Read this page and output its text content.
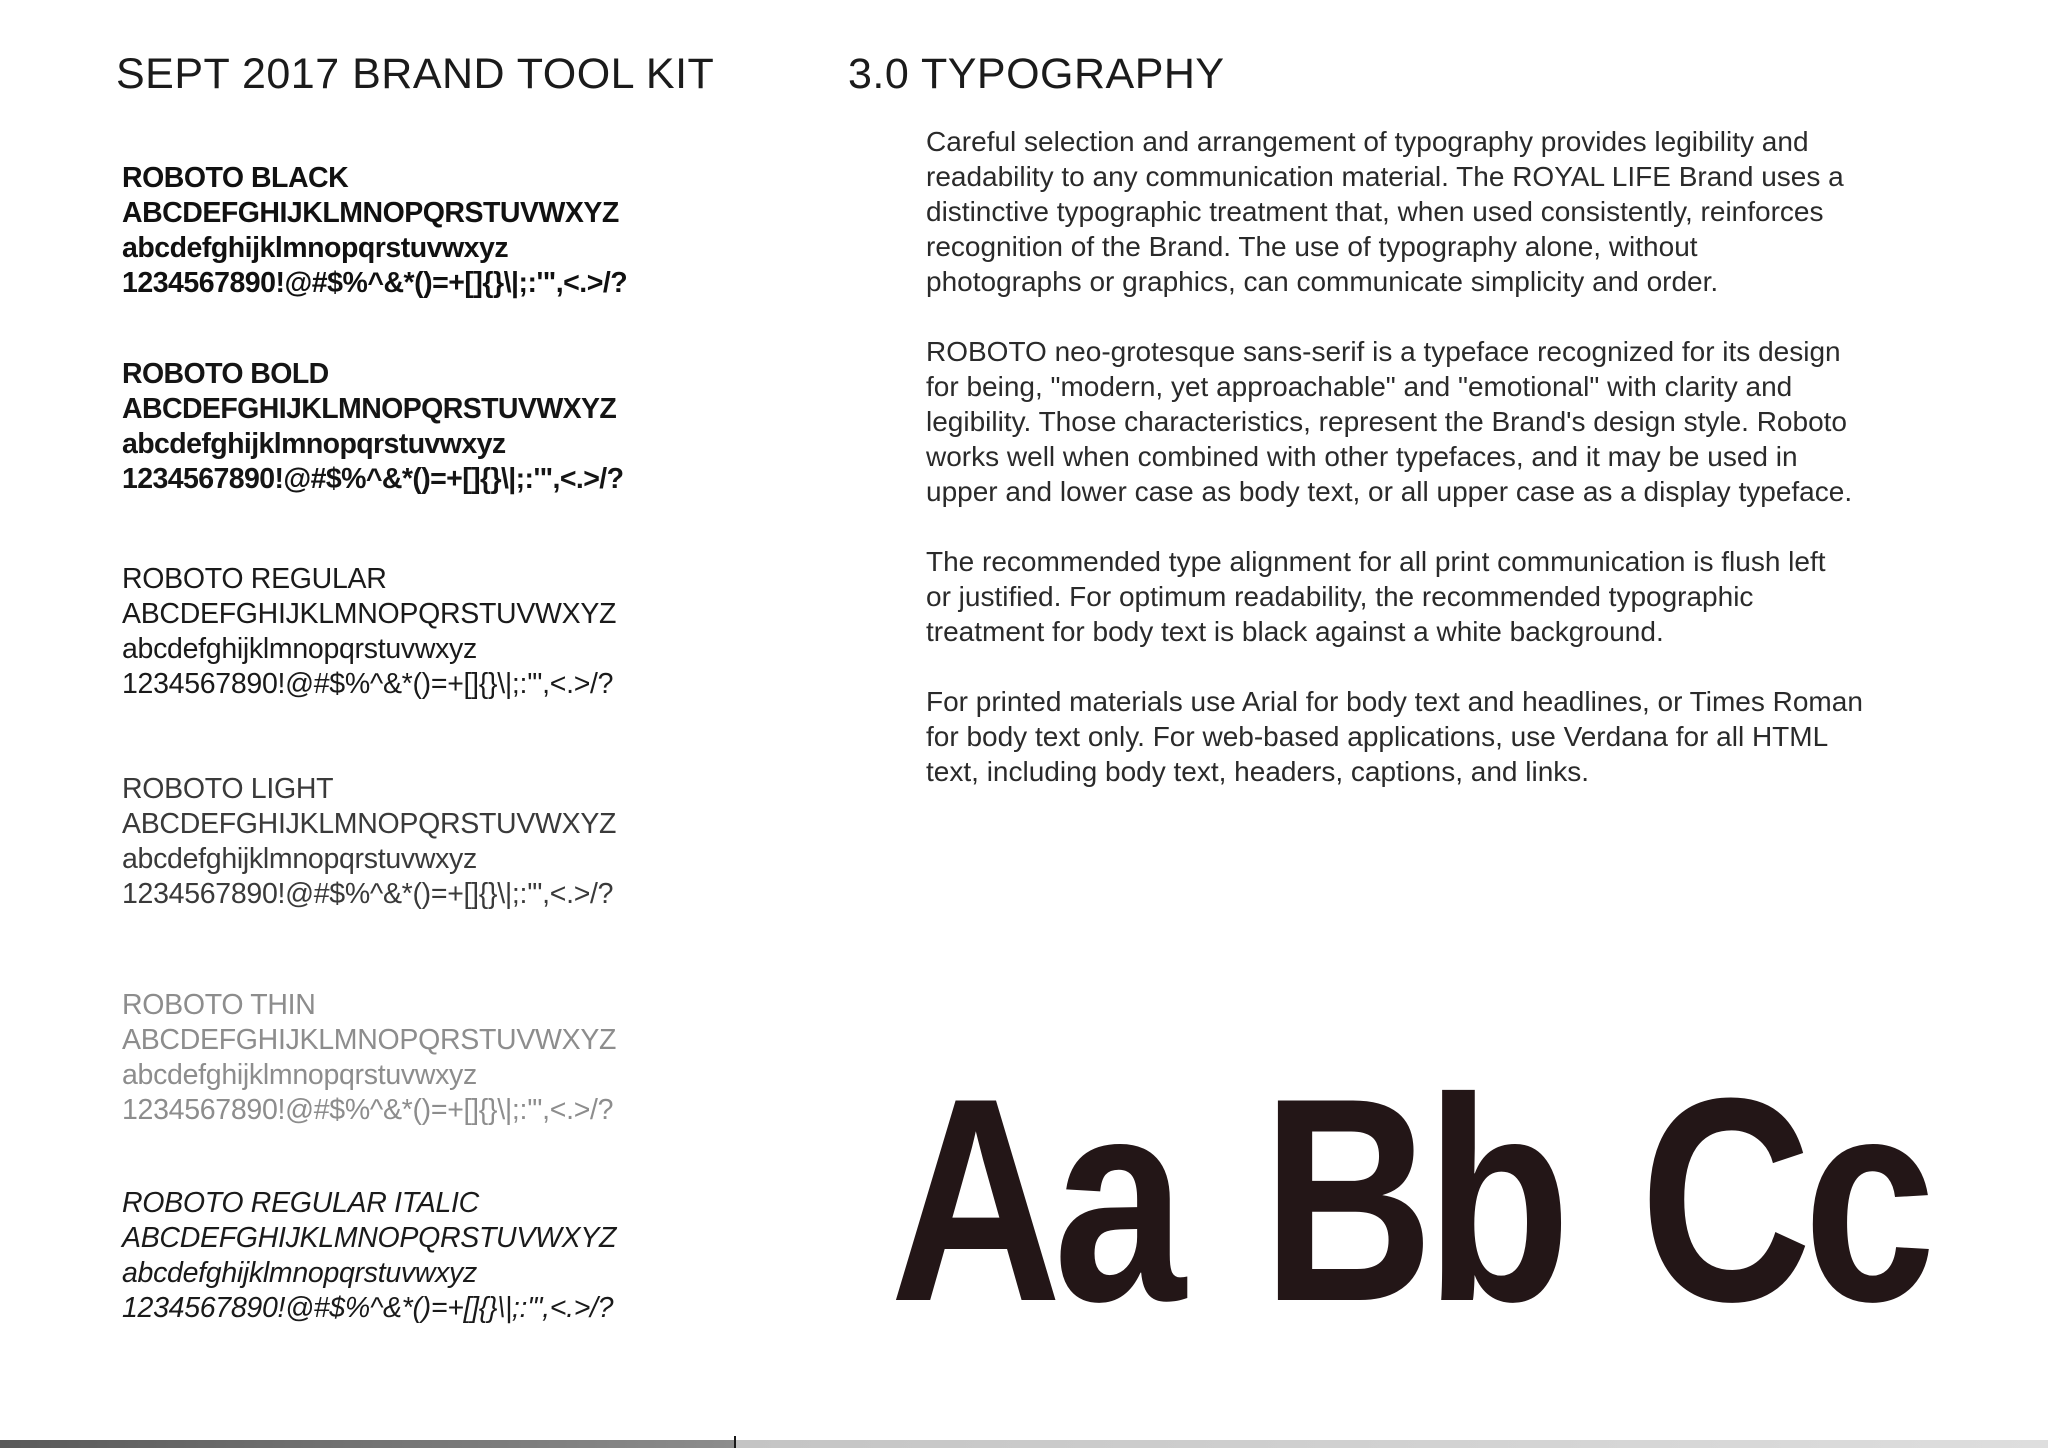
SEPT 2017 BRAND TOOL KIT	3.0 TYPOGRAPHY
ROBOTO BLACK
ABCDEFGHIJKLMNOPQRSTUVWXYZ
abcdefghijklmnopqrstuvwxyz
1234567890!@#$%^&*()=+[]{}\|;:'",<.>/?
ROBOTO BOLD
ABCDEFGHIJKLMNOPQRSTUVWXYZ
abcdefghijklmnopqrstuvwxyz
1234567890!@#$%^&*()=+[]{}\|;:'",<.>/?
ROBOTO REGULAR
ABCDEFGHIJKLMNOPQRSTUVWXYZ
abcdefghijklmnopqrstuvwxyz
1234567890!@#$%^&*()=+[]{}\|;:'",<.>/?
ROBOTO LIGHT
ABCDEFGHIJKLMNOPQRSTUVWXYZ
abcdefghijklmnopqrstuvwxyz
1234567890!@#$%^&*()=+[]{}\|;:'",<.>/?
ROBOTO THIN
ABCDEFGHIJKLMNOPQRSTUVWXYZ
abcdefghijklmnopqrstuvwxyz
1234567890!@#$%^&*()=+[]{}\|;:'",<.>/?
ROBOTO REGULAR ITALIC
ABCDEFGHIJKLMNOPQRSTUVWXYZ
abcdefghijklmnopqrstuvwxyz
1234567890!@#$%^&*()=+[]{}\|;:'",<.>/?

Careful selection and arrangement of typography provides legibility and
readability to any communication material. The ROYAL LIFE Brand uses a
distinctive typographic treatment that, when used consistently, reinforces
recognition of the Brand. The use of typography alone, without
photographs or graphics, can communicate simplicity and order.

ROBOTO neo-grotesque sans-serif is a typeface recognized for its design
for being, "modern, yet approachable" and "emotional" with clarity and
legibility. Those characteristics, represent the Brand's design style. Roboto
works well when combined with other typefaces, and it may be used in
upper and lower case as body text, or all upper case as a display typeface.

The recommended type alignment for all print communication is flush left
or justified. For optimum readability, the recommended typographic
treatment for body text is black against a white background.

For printed materials use Arial for body text and headlines, or Times Roman
for body text only. For web-based applications, use Verdana for all HTML
text, including body text, headers, captions, and links.

Aa Bb Cc
